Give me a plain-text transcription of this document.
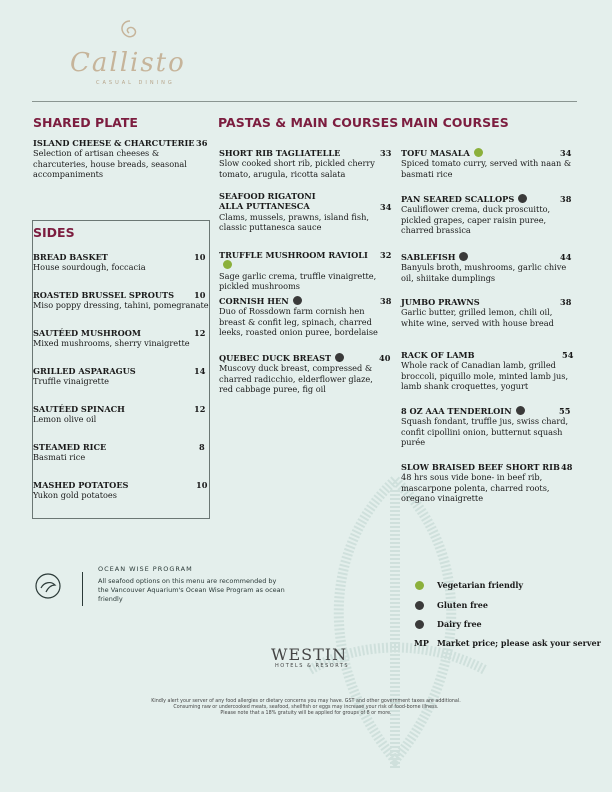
Callisto
CASUAL DINING
SHARED PLATE
ISLAND CHEESE & CHARCUTERIE
Selection of artisan cheeses & charcuteries, house breads, seasonal accompaniments
36
SIDES
BREAD BASKET
House sourdough, foccacia
10
ROASTED BRUSSEL SPROUTS
Miso poppy dressing, tahini, pomegranate
10
SAUTÉED MUSHROOM
Mixed mushrooms, sherry vinaigrette
12
GRILLED ASPARAGUS
Truffle vinaigrette
14
SAUTÉED SPINACH
Lemon olive oil
12
STEAMED RICE
Basmati rice
8
MASHED POTATOES
Yukon gold potatoes
10
PASTAS & MAIN COURSES
SHORT RIB TAGLIATELLE
Slow cooked short rib, pickled cherry tomato, arugula, ricotta salata
33
SEAFOOD RIGATONI ALLA PUTTANESCA
Clams, mussels, prawns, island fish, classic puttanesca sauce
34
TRUFFLE MUSHROOM RAVIOLI
Sage garlic crema, truffle vinaigrette, pickled mushrooms
32
CORNISH HEN
Duo of Rossdown farm cornish hen breast & confit leg, spinach, charred leeks, roasted onion puree, bordelaise
38
QUEBEC DUCK BREAST
Muscovy duck breast, compressed & charred radicchio, elderflower glaze, red cabbage puree, fig oil
40
MAIN COURSES
TOFU MASALA
Spiced tomato curry, served with naan & basmati rice
34
PAN SEARED SCALLOPS
Cauliflower crema, duck proscuitto, pickled grapes, caper raisin puree, charred brassica
38
SABLEFISH
Banyuls broth, mushrooms, garlic chive oil, shiitake dumplings
44
JUMBO PRAWNS
Garlic butter, grilled lemon, chili oil, white wine, served with house bread
38
RACK OF LAMB
Whole rack of Canadian lamb, grilled broccoli, piquillo mole, minted lamb jus, lamb shank croquettes, yogurt
54
8 OZ AAA TENDERLOIN
Squash fondant, truffle jus, swiss chard, confit cipollini onion, butternut squash purée
55
SLOW BRAISED BEEF SHORT RIB
48 hrs sous vide bone- in beef rib, mascarpone polenta, charred roots, oregano vinaigrette
48
OCEAN WISE PROGRAM
All seafood options on this menu are recommended by the Vancouver Aquarium's Ocean Wise Program as ocean friendly
Vegetarian friendly
Gluten free
Dairy free
MP Market price; please ask your server
WESTIN
HOTELS & RESORTS
Kindly alert your server of any food allergies or dietary concerns you may have. GST and other government taxes are additional.
Consuming raw or undercooked meats, seafood, shellfish or eggs may increase your risk of food-borne illness.
Please note that a 18% gratuity will be applied for groups of 8 or more.
